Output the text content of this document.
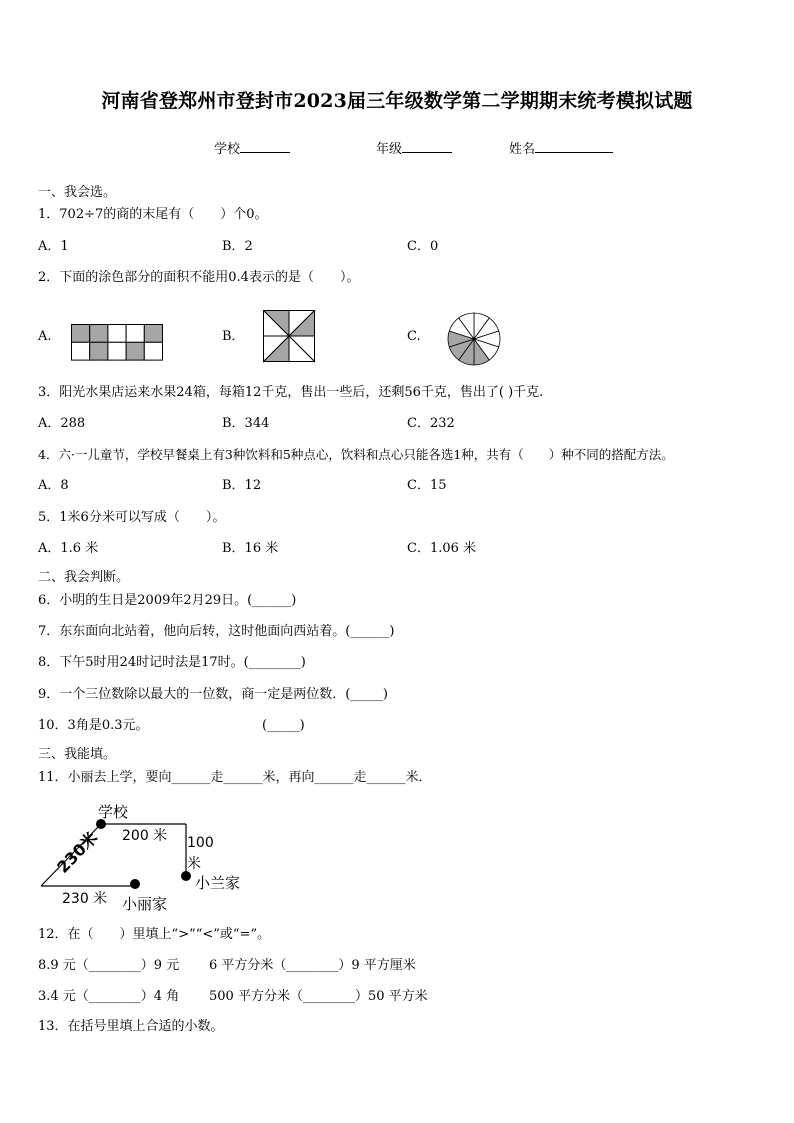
河南省登郑州市登封市2023届三年级数学第二学期期末统考模拟试题
学校	年级	姓名
一、我会选。
1．702÷7的商的末尾有（　　）个0。
A．1	B．2	C．0
2．下面的涂色部分的面积不能用0.4表示的是（　　）。
A.	B．	C.
3．阳光水果店运来水果24箱，每箱12千克，售出一些后，还剩56千克，售出了( )千克.
A．288	B．344	C．232
4．六·一儿童节，学校早餐桌上有3种饮料和5种点心，饮料和点心只能各选1种，共有（　　）种不同的搭配方法。
A．8	B．12	C．15
5．1米6分米可以写成（　　）。
A．1.6 米	B．16 米	C．1.06 米
二、我会判断。
6．小明的生日是2009年2月29日。(______)
7．东东面向北站着，他向后转，这时他面向西站着。(______)
8．下午5时用24时记时法是17时。(________)
9．一个三位数除以最大的一位数，商一定是两位数．(_____)
10．3角是0.3元。	(_____)
三、我能填。
11．小丽去上学，要向______走______米，再向______走______米．
学校
200 米 100
米
小兰家
230米
230 米 小丽家
12．在（　　）里填上“>”“<”或“=”。
8.9 元（________）9 元 6 平方分米（________）9 平方厘米
3.4 元（________）4 角 500 平方分米（________）50 平方米
13．在括号里填上合适的小数。
